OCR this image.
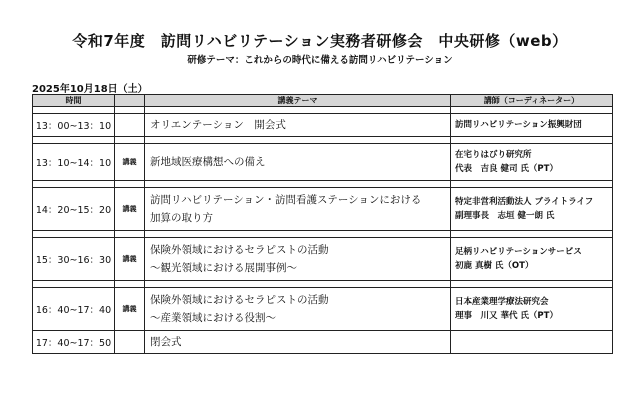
令和7年度　訪問リハビリテーション実務者研修会　中央研修（web）
研修テーマ：これからの時代に備える訪問リハビリテーション
2025年10月18日（土）
時間		講義テーマ	講師（コーディネーター）

13：00~13：10		オリエンテーション　開会式	訪問リハビリテーション振興財団

13：10~14：10	講義	新地域医療構想への備え	在宅りはびり研究所
代表　吉良 健司 氏（PT）

14：20~15：20	講義	訪問リハビリテーション・訪問看護ステーションにおける
加算の取り方	特定非営利活動法人 ブライトライフ
副理事長　志垣 健一朗 氏

15：30~16：30	講義	保険外領域におけるセラピストの活動
～観光領域における展開事例～	足柄リハビリテーションサービス
初鹿 真樹 氏（OT）

16：40~17：40	講義	保険外領域におけるセラピストの活動
～産業領域における役割～	日本産業理学療法研究会
理事　川又 華代 氏（PT）

17：40~17：50		閉会式	
